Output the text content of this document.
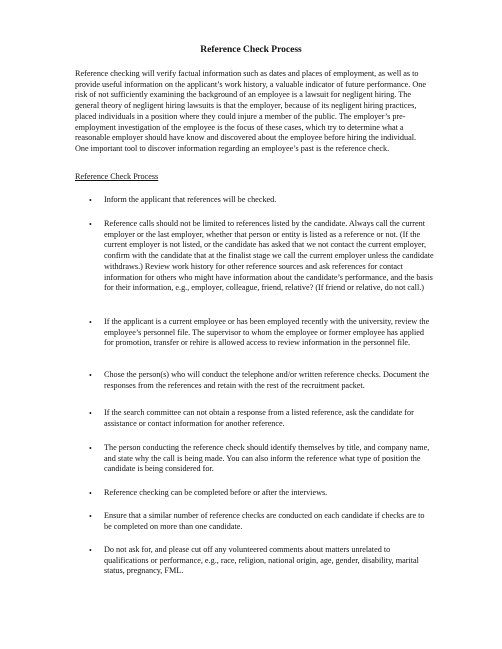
Reference Check Process

Reference checking will verify factual information such as dates and places of employment, as well as to provide useful information on the applicant’s work history, a valuable indicator of future performance. One risk of not sufficiently examining the background of an employee is a lawsuit for negligent hiring. The general theory of negligent hiring lawsuits is that the employer, because of its negligent hiring practices, placed individuals in a position where they could injure a member of the public. The employer’s pre-employment investigation of the employee is the focus of these cases, which try to determine what a reasonable employer should have know and discovered about the employee before hiring the individual. One important tool to discover information regarding an employee’s past is the reference check.

Reference Check Process

• Inform the applicant that references will be checked.
• Reference calls should not be limited to references listed by the candidate. Always call the current employer or the last employer, whether that person or entity is listed as a reference or not. (If the current employer is not listed, or the candidate has asked that we not contact the current employer, confirm with the candidate that at the finalist stage we call the current employer unless the candidate withdraws.) Review work history for other reference sources and ask references for contact information for others who might have information about the candidate’s performance, and the basis for their information, e.g., employer, colleague, friend, relative? (If friend or relative, do not call.)
• If the applicant is a current employee or has been employed recently with the university, review the employee’s personnel file. The supervisor to whom the employee or former employee has applied for promotion, transfer or rehire is allowed access to review information in the personnel file.
• Chose the person(s) who will conduct the telephone and/or written reference checks. Document the responses from the references and retain with the rest of the recruitment packet.
• If the search committee can not obtain a response from a listed reference, ask the candidate for assistance or contact information for another reference.
• The person conducting the reference check should identify themselves by title, and company name, and state why the call is being made. You can also inform the reference what type of position the candidate is being considered for.
• Reference checking can be completed before or after the interviews.
• Ensure that a similar number of reference checks are conducted on each candidate if checks are to be completed on more than one candidate.
• Do not ask for, and please cut off any volunteered comments about matters unrelated to qualifications or performance, e.g., race, religion, national origin, age, gender, disability, marital status, pregnancy, FML.
